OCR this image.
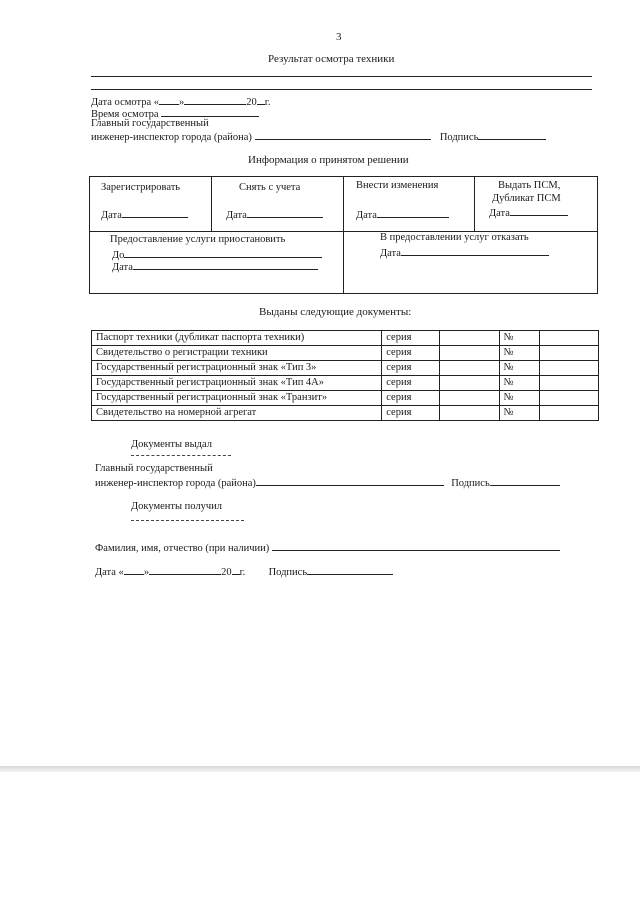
3
Результат осмотра техники
Дата осмотра « »	20 г.
Время осмотра
Главный государственный
инженер-инспектор города (района)	Подпись
Информация о принятом решении
Зарегистрировать
Дата
Снять с учета
Дата
Внести изменения
Дата
Выдать ПСМ,
Дубликат ПСМ
Дата
Предоставление услуги приостановить
До
Дата
В предоставлении услуг отказать
Дата
Выданы следующие документы:
Паспорт техники (дубликат паспорта техники)	серия		№	
Свидетельство о регистрации техники	серия		№	
Государственный регистрационный знак «Тип 3»	серия		№	
Государственный регистрационный знак «Тип 4А»	серия		№	
Государственный регистрационный знак «Транзит»	серия		№	
Свидетельство на номерной агрегат	серия		№	
Документы выдал
Главный государственный
инженер-инспектор города (района)	Подпись
Документы получил
Фамилия, имя, отчество (при наличии)
Дата « »	20 г. Подпись
